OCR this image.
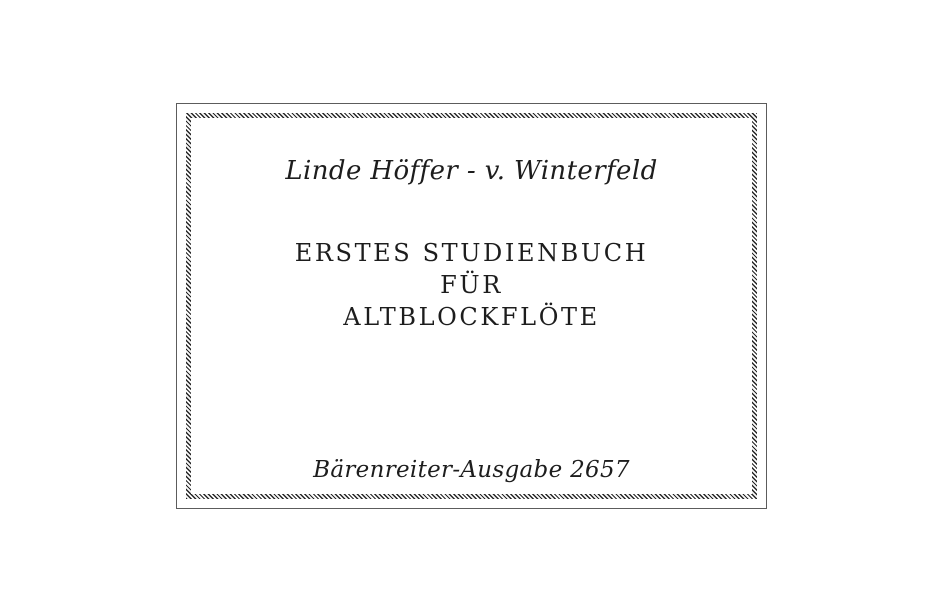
Linde Höffer - v. Winterfeld
ERSTES STUDIENBUCH
FÜR
ALTBLOCKFLÖTE
Bärenreiter-Ausgabe 2657
